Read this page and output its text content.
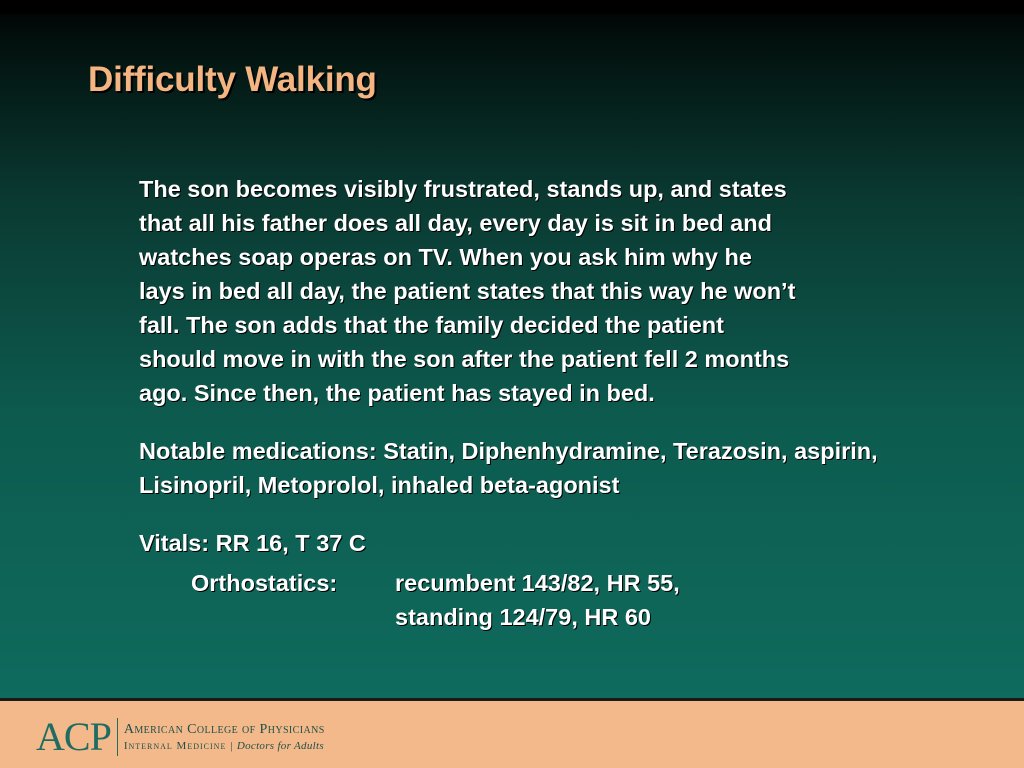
Difficulty Walking

The son becomes visibly frustrated, stands up, and states
that all his father does all day, every day is sit in bed and
watches soap operas on TV. When you ask him why he
lays in bed all day, the patient states that this way he won’t
fall. The son adds that the family decided the patient
should move in with the son after the patient fell 2 months
ago. Since then, the patient has stayed in bed.

Notable medications: Statin, Diphenhydramine, Terazosin, aspirin, Lisinopril, Metoprolol, inhaled beta-agonist

Vitals: RR 16, T 37 C

Orthostatics:	recumbent 143/82, HR 55,
standing 124/79, HR 60
ACP American College of Physicians
Internal Medicine | Doctors for Adults
